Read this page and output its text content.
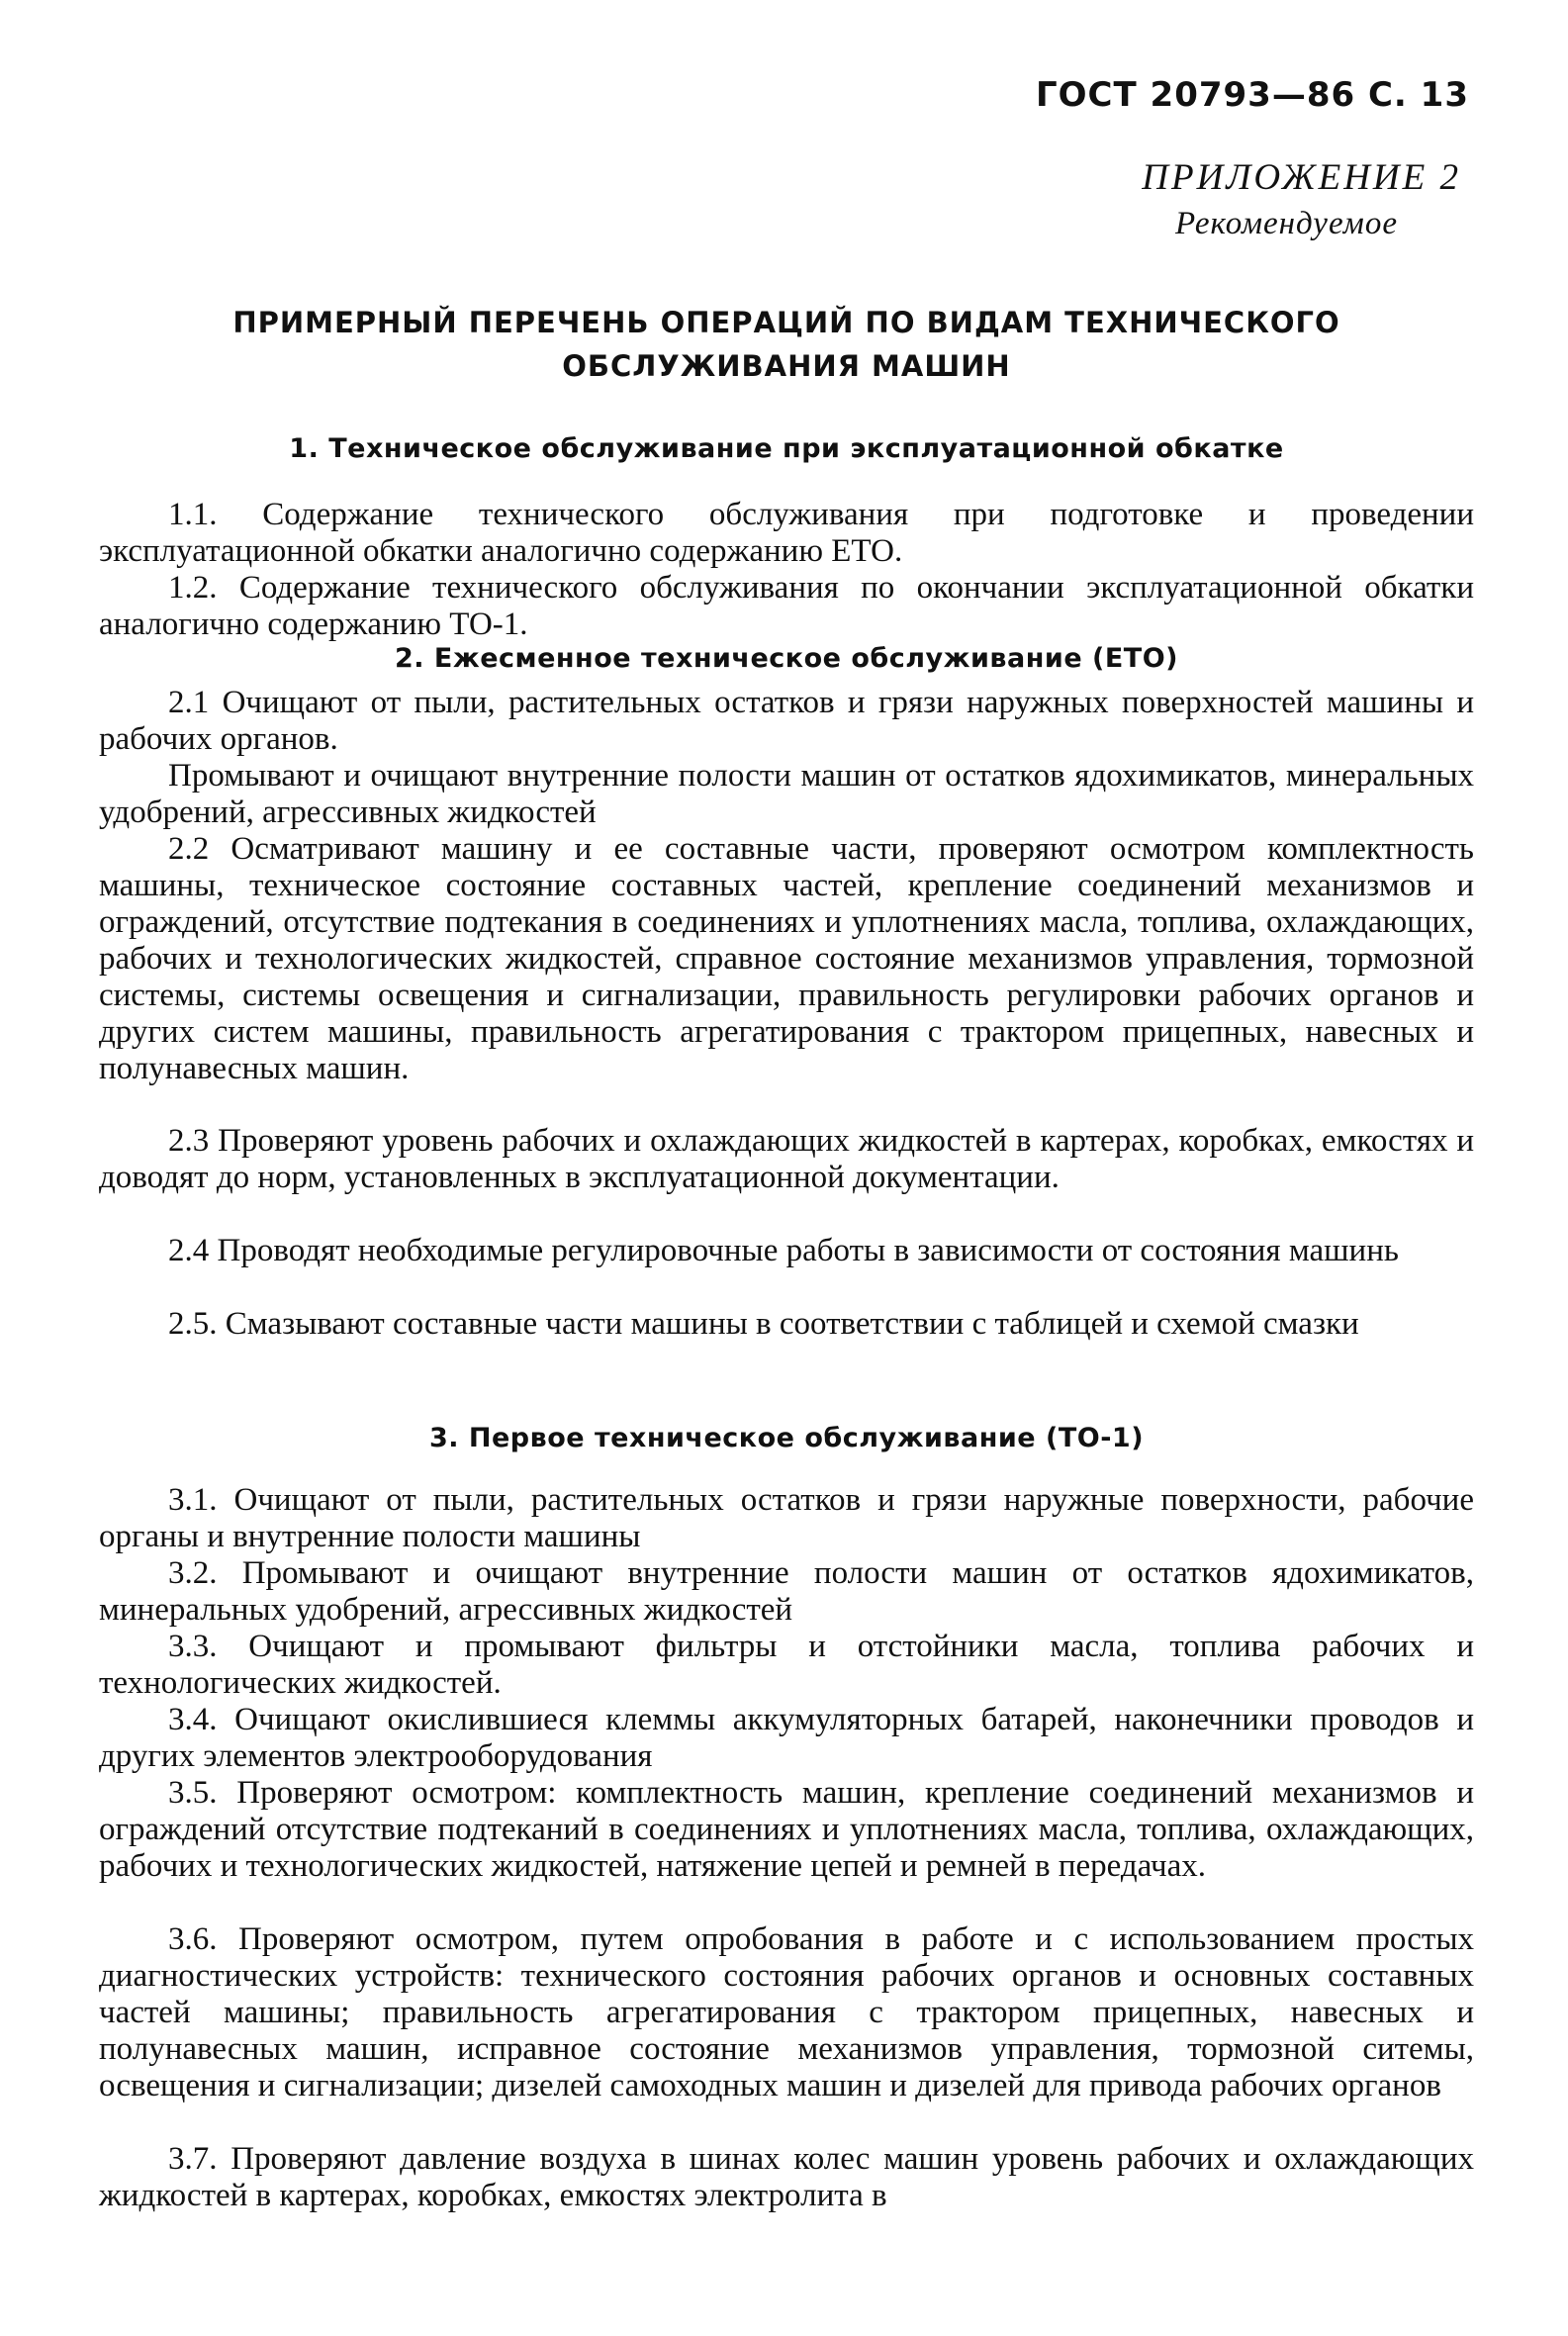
ГОСТ 20793—86 С. 13
ПРИЛОЖЕНИЕ 2
Рекомендуемое
ПРИМЕРНЫЙ ПЕРЕЧЕНЬ ОПЕРАЦИЙ ПО ВИДАМ ТЕХНИЧЕСКОГО
ОБСЛУЖИВАНИЯ МАШИН
1. Техническое обслуживание при эксплуатационной обкатке

1.1. Содержание технического обслуживания при подготовке и проведении эксплуатационной обкатки аналогично содержанию ЕТО.

1.2. Содержание технического обслуживания по окончании эксплуатационной обкатки аналогично содержанию ТО-1.

2. Ежесменное техническое обслуживание (ЕТО)

2.1 Очищают от пыли, растительных остатков и грязи наружных поверхностей машины и рабочих органов.

Промывают и очищают внутренние полости машин от остатков ядохимикатов, минеральных удобрений, агрессивных жидкостей

2.2 Осматривают машину и ее составные части, проверяют осмотром комплектность машины, техническое состояние составных частей, крепление соединений механизмов и ограждений, отсутствие подтекания в соединениях и уплотнениях масла, топлива, охлаждающих, рабочих и технологических жидкостей, справное состояние механизмов управления, тормозной системы, системы освещения и сигнализации, правильность регулировки рабочих органов и других систем машины, правильность агрегатирования с трактором прицепных, навесных и полунавесных машин.

2.3 Проверяют уровень рабочих и охлаждающих жидкостей в картерах, коробках, емкостях и доводят до норм, установленных в эксплуатационной документации.

2.4 Проводят необходимые регулировочные работы в зависимости от состояния машинь

2.5. Смазывают составные части машины в соответствии с таблицей и схемой смазки

3. Первое техническое обслуживание (ТО-1)

3.1. Очищают от пыли, растительных остатков и грязи наружные поверхности, рабочие органы и внутренние полости машины

3.2. Промывают и очищают внутренние полости машин от остатков ядохимикатов, минеральных удобрений, агрессивных жидкостей

3.3. Очищают и промывают фильтры и отстойники масла, топлива рабочих и технологических жидкостей.

3.4. Очищают окислившиеся клеммы аккумуляторных батарей, наконечники проводов и других элементов электрооборудования

3.5. Проверяют осмотром: комплектность машин, крепление соединений механизмов и ограждений отсутствие подтеканий в соединениях и уплотнениях масла, топлива, охлаждающих, рабочих и технологических жидкостей, натяжение цепей и ремней в передачах.

3.6. Проверяют осмотром, путем опробования в работе и с использованием простых диагностических устройств: технического состояния рабочих органов и основных составных частей машины; правильность агрегатирования с трактором прицепных, навесных и полунавесных машин, исправное состояние механизмов управления, тормозной ситемы, освещения и сигнализации; дизелей самоходных машин и дизелей для привода рабочих органов

3.7. Проверяют давление воздуха в шинах колес машин уровень рабочих и охлаждающих жидкостей в картерах, коробках, емкостях электролита в
